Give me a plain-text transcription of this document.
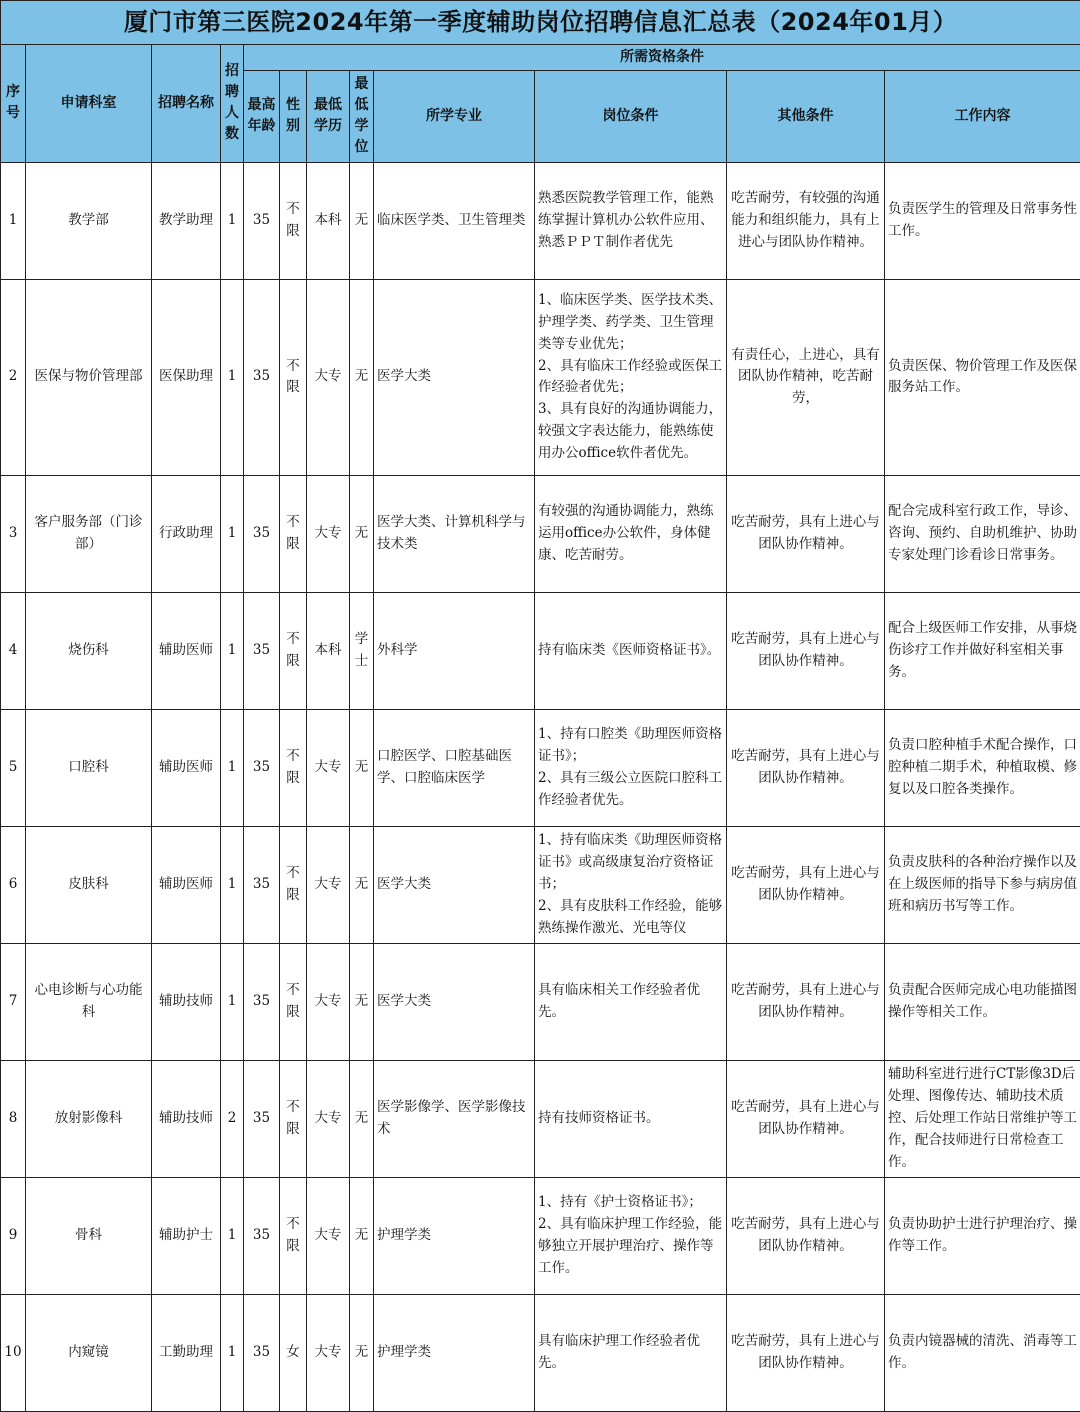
厦门市第三医院2024年第一季度辅助岗位招聘信息汇总表（2024年01月）											
序号	申请科室	招聘名称	招聘人数	所需资格条件							
				最高年龄	性别	最低学历	最低学位	所学专业	岗位条件	其他条件	工作内容
1	教学部	教学助理	1	35	不限	本科	无	临床医学类、卫生管理类	熟悉医院教学管理工作，能熟练掌握计算机办公软件应用、熟悉ＰＰＴ制作者优先	吃苦耐劳，有较强的沟通能力和组织能力，具有上进心与团队协作精神。	负责医学生的管理及日常事务性工作。
2	医保与物价管理部	医保助理	1	35	不限	大专	无	医学大类	1、临床医学类、医学技术类、护理学类、药学类、卫生管理类等专业优先；
2、具有临床工作经验或医保工作经验者优先；
3、具有良好的沟通协调能力，较强文字表达能力，能熟练使用办公office软件者优先。	有责任心，上进心，具有团队协作精神，吃苦耐劳，	负责医保、物价管理工作及医保服务站工作。
3	客户服务部（门诊部）	行政助理	1	35	不限	大专	无	医学大类、计算机科学与技术类	有较强的沟通协调能力，熟练运用office办公软件，身体健康、吃苦耐劳。	吃苦耐劳，具有上进心与团队协作精神。	配合完成科室行政工作，导诊、咨询、预约、自助机维护、协助专家处理门诊看诊日常事务。
4	烧伤科	辅助医师	1	35	不限	本科	学士	外科学	持有临床类《医师资格证书》。	吃苦耐劳，具有上进心与团队协作精神。	配合上级医师工作安排，从事烧伤诊疗工作并做好科室相关事务。
5	口腔科	辅助医师	1	35	不限	大专	无	口腔医学、口腔基础医学、口腔临床医学	1、持有口腔类《助理医师资格证书》；
2、具有三级公立医院口腔科工作经验者优先。	吃苦耐劳，具有上进心与团队协作精神。	负责口腔种植手术配合操作，口腔种植二期手术，种植取模、修复以及口腔各类操作。
6	皮肤科	辅助医师	1	35	不限	大专	无	医学大类	1、持有临床类《助理医师资格证书》或高级康复治疗资格证书；
2、具有皮肤科工作经验，能够熟练操作激光、光电等仪	吃苦耐劳，具有上进心与团队协作精神。	负责皮肤科的各种治疗操作以及在上级医师的指导下参与病房值班和病历书写等工作。
7	心电诊断与心功能科	辅助技师	1	35	不限	大专	无	医学大类	具有临床相关工作经验者优先。	吃苦耐劳，具有上进心与团队协作精神。	负责配合医师完成心电功能描图操作等相关工作。
8	放射影像科	辅助技师	2	35	不限	大专	无	医学影像学、医学影像技术	持有技师资格证书。	吃苦耐劳，具有上进心与团队协作精神。	辅助科室进行进行CT影像3D后处理、图像传达、辅助技术质控、后处理工作站日常维护等工作，配合技师进行日常检查工作。
9	骨科	辅助护士	1	35	不限	大专	无	护理学类	1、持有《护士资格证书》；
2、具有临床护理工作经验，能够独立开展护理治疗、操作等工作。	吃苦耐劳，具有上进心与团队协作精神。	负责协助护士进行护理治疗、操作等工作。
10	内窥镜	工勤助理	1	35	女	大专	无	护理学类	具有临床护理工作经验者优先。	吃苦耐劳，具有上进心与团队协作精神。	负责内镜器械的清洗、消毒等工作。
